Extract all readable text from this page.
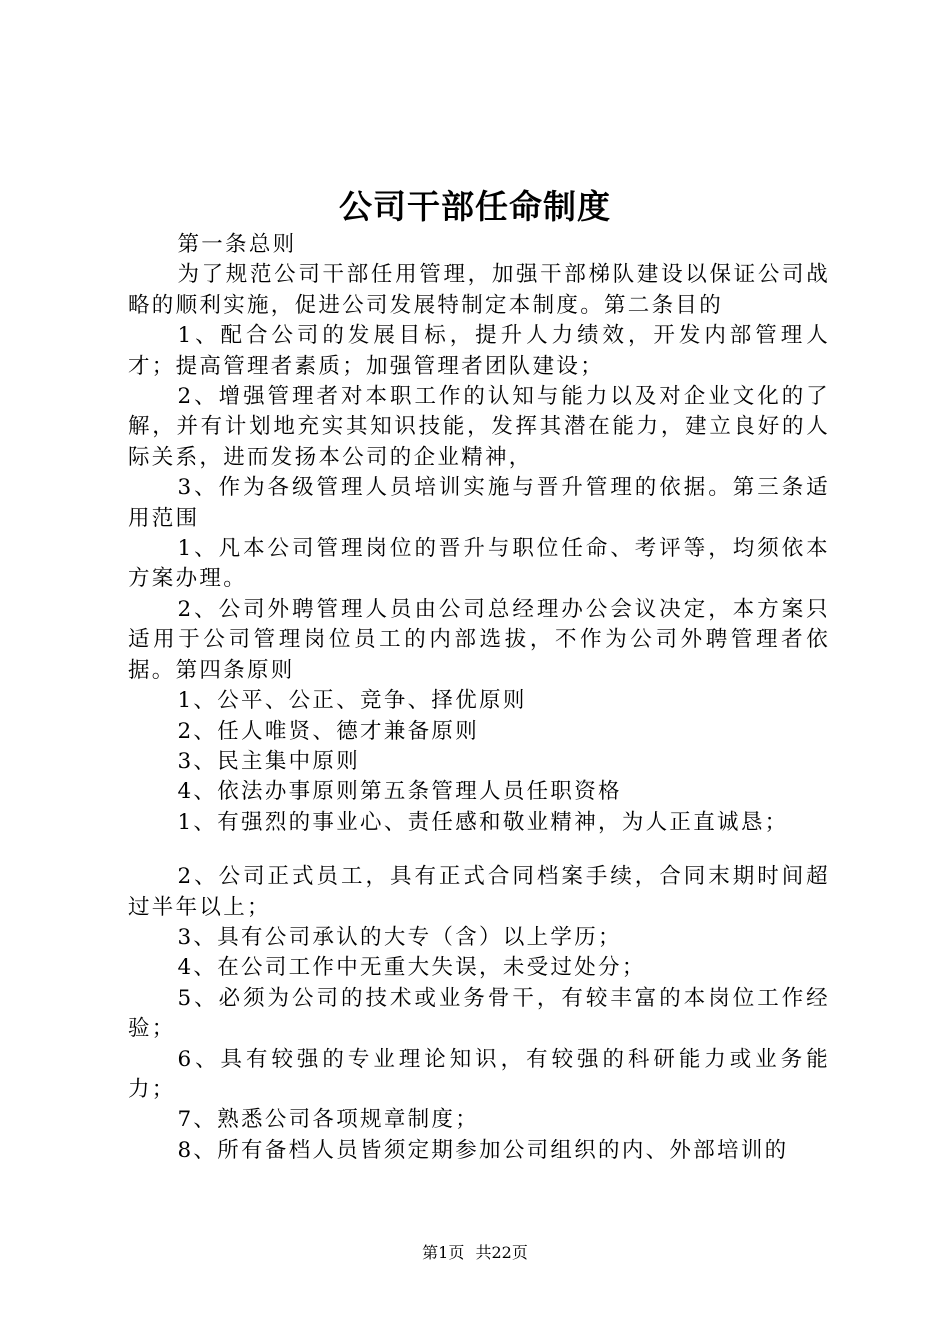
公司干部任命制度

第一条总则

为了规范公司干部任用管理，加强干部梯队建设以保证公司战略的顺利实施，促进公司发展特制定本制度。第二条目的

1、配合公司的发展目标，提升人力绩效，开发内部管理人才；提高管理者素质；加强管理者团队建设；

2、增强管理者对本职工作的认知与能力以及对企业文化的了解，并有计划地充实其知识技能，发挥其潜在能力，建立良好的人际关系，进而发扬本公司的企业精神，

3、作为各级管理人员培训实施与晋升管理的依据。第三条适用范围

1、凡本公司管理岗位的晋升与职位任命、考评等，均须依本方案办理。

2、公司外聘管理人员由公司总经理办公会议决定，本方案只适用于公司管理岗位员工的内部选拔，不作为公司外聘管理者依据。第四条原则

1、公平、公正、竞争、择优原则

2、任人唯贤、德才兼备原则

3、民主集中原则

4、依法办事原则第五条管理人员任职资格

1、有强烈的事业心、责任感和敬业精神，为人正直诚恳；

2、公司正式员工，具有正式合同档案手续，合同末期时间超过半年以上；

3、具有公司承认的大专（含）以上学历；

4、在公司工作中无重大失误，未受过处分；

5、必须为公司的技术或业务骨干，有较丰富的本岗位工作经验；

6、具有较强的专业理论知识，有较强的科研能力或业务能力；

7、熟悉公司各项规章制度；

8、所有备档人员皆须定期参加公司组织的内、外部培训的

第1页 共22页
